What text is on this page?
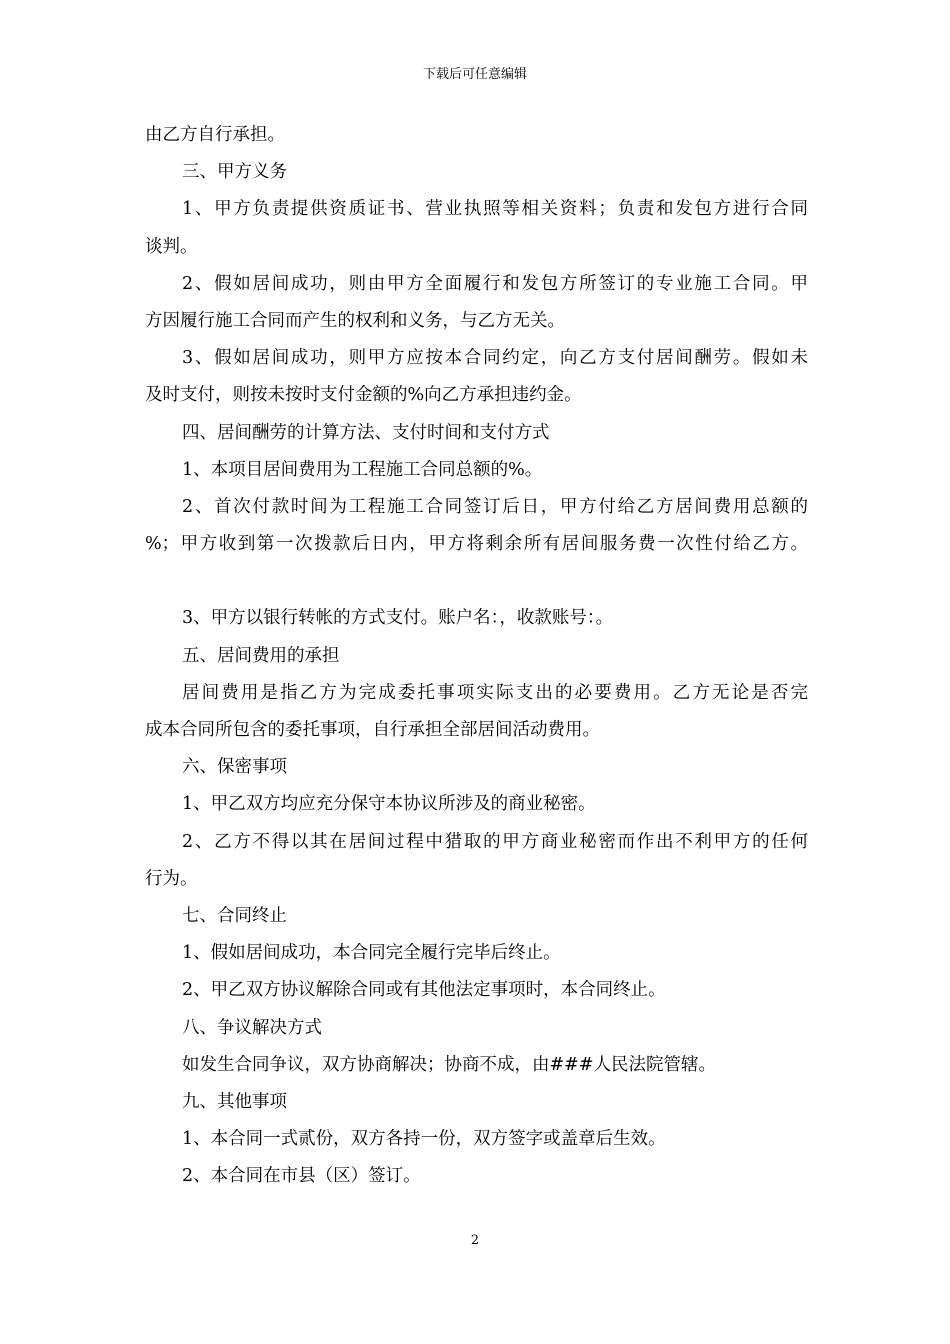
下载后可任意编辑
由乙方自行承担。
三、甲方义务
1、甲方负责提供资质证书、营业执照等相关资料；负责和发包方进行合同
谈判。
2、假如居间成功，则由甲方全面履行和发包方所签订的专业施工合同。甲
方因履行施工合同而产生的权利和义务，与乙方无关。
3、假如居间成功，则甲方应按本合同约定，向乙方支付居间酬劳。假如未
及时支付，则按未按时支付金额的%向乙方承担违约金。
四、居间酬劳的计算方法、支付时间和支付方式
1、本项目居间费用为工程施工合同总额的%。
2、首次付款时间为工程施工合同签订后日，甲方付给乙方居间费用总额的
%；甲方收到第一次拨款后日内，甲方将剩余所有居间服务费一次性付给乙方。
3、甲方以银行转帐的方式支付。账户名：，收款账号：。
五、居间费用的承担
居间费用是指乙方为完成委托事项实际支出的必要费用。乙方无论是否完
成本合同所包含的委托事项，自行承担全部居间活动费用。
六、保密事项
1、甲乙双方均应充分保守本协议所涉及的商业秘密。
2、乙方不得以其在居间过程中猎取的甲方商业秘密而作出不利甲方的任何
行为。
七、合同终止
1、假如居间成功，本合同完全履行完毕后终止。
2、甲乙双方协议解除合同或有其他法定事项时，本合同终止。
八、争议解决方式
如发生合同争议，双方协商解决；协商不成，由###人民法院管辖。
九、其他事项
1、本合同一式贰份，双方各持一份，双方签字或盖章后生效。
2、本合同在市县（区）签订。
2
